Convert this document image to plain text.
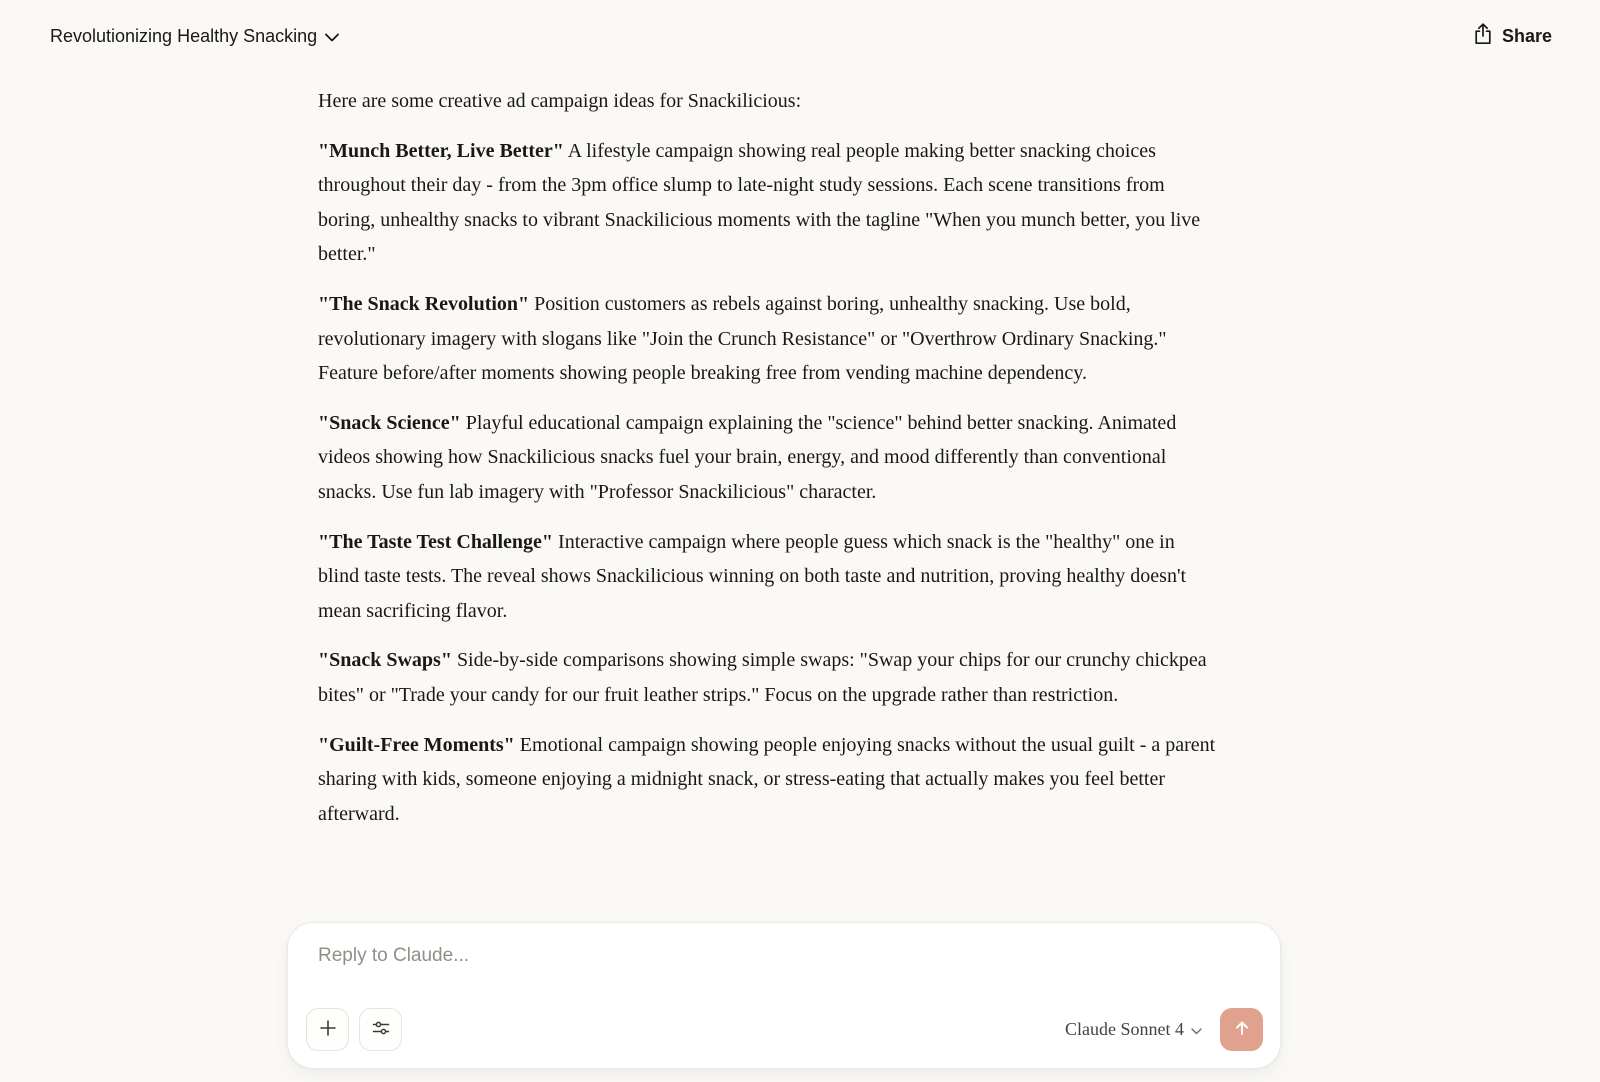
Here are some creative ad campaign ideas for Snackilicious:

"Munch Better, Live Better" A lifestyle campaign showing real people making better snacking choices throughout their day - from the 3pm office slump to late-night study sessions. Each scene transitions from boring, unhealthy snacks to vibrant Snackilicious moments with the tagline "When you munch better, you live better."

"The Snack Revolution" Position customers as rebels against boring, unhealthy snacking. Use bold, revolutionary imagery with slogans like "Join the Crunch Resistance" or "Overthrow Ordinary Snacking." Feature before/after moments showing people breaking free from vending machine dependency.

"Snack Science" Playful educational campaign explaining the "science" behind better snacking. Animated videos showing how Snackilicious snacks fuel your brain, energy, and mood differently than conventional snacks. Use fun lab imagery with "Professor Snackilicious" character.

"The Taste Test Challenge" Interactive campaign where people guess which snack is the "healthy" one in blind taste tests. The reveal shows Snackilicious winning on both taste and nutrition, proving healthy doesn't mean sacrificing flavor.

"Snack Swaps" Side-by-side comparisons showing simple swaps: "Swap your chips for our crunchy chickpea bites" or "Trade your candy for our fruit leather strips." Focus on the upgrade rather than restriction.

"Guilt-Free Moments" Emotional campaign showing people enjoying snacks without the usual guilt - a parent sharing with kids, someone enjoying a midnight snack, or stress-eating that actually makes you feel better afterward.

Revolutionizing Healthy Snacking	Share
Reply to Claude...
Claude Sonnet 4
